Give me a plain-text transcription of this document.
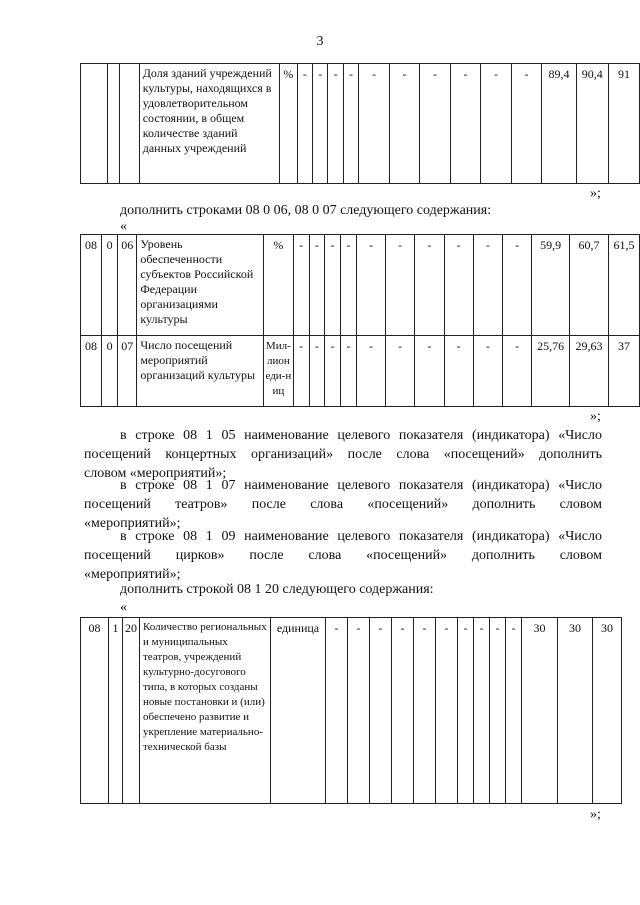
3
			Доля зданий учреждений культуры, находящихся в удовлетворительном состоянии, в общем количестве зданий данных учреждений	%	-	-	-	-	-	-	-	-	-	-	89,4	90,4	91
»;
дополнить строками 08 0 06, 08 0 07 следующего содержания:
«
08	0	06	Уровень обеспеченности субъектов Российской Федерации организациями культуры	%	-	-	-	-	-	-	-	-	-	-	59,9	60,7	61,5
08	0	07	Число посещений мероприятий организаций культуры	Мил-лион еди-ниц	-	-	-	-	-	-	-	-	-	-	25,76	29,63	37
»;
в строке 08 1 05 наименование целевого показателя (индикатора) «Число
посещений концертных организаций» после слова «посещений» дополнить
словом «мероприятий»;
в строке 08 1 07 наименование целевого показателя (индикатора) «Число
посещений театров» после слова «посещений» дополнить словом
«мероприятий»;
в строке 08 1 09 наименование целевого показателя (индикатора) «Число
посещений цирков» после слова «посещений» дополнить словом
«мероприятий»;
дополнить строкой 08 1 20 следующего содержания:
«
08	1	20	Количество региональных и муниципальных театров, учреждений культурно-досугового типа, в которых созданы новые постановки и (или) обеспечено развитие и укрепление материально-технической базы	единица	-	-	-	-	-	-	-	-	-	-	30	30	30
»;
